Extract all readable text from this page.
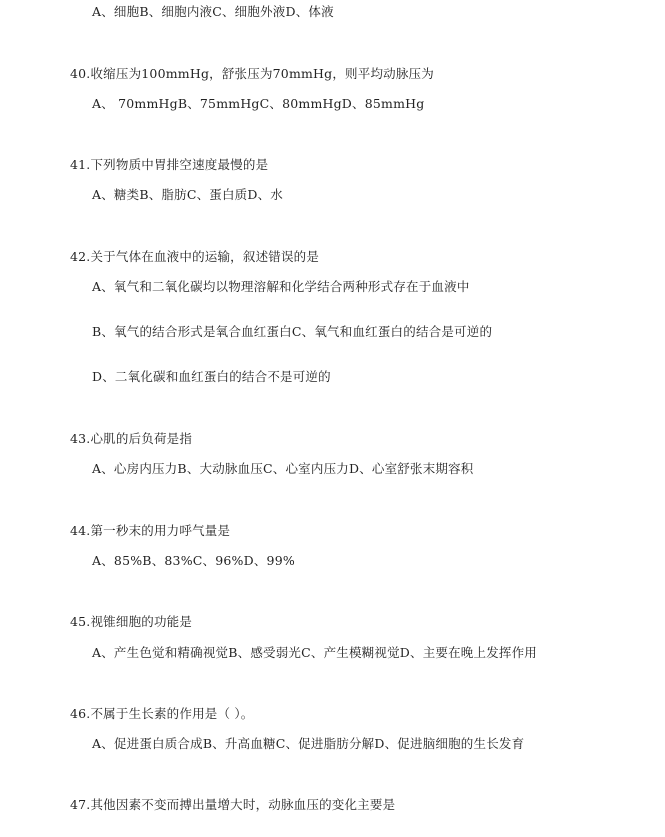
A、细胞B、细胞内液C、细胞外液D、体液
40.收缩压为100mmHg，舒张压为70mmHg，则平均动脉压为
A、 70mmHgB、75mmHgC、80mmHgD、85mmHg
41.下列物质中胃排空速度最慢的是
A、糖类B、脂肪C、蛋白质D、水
42.关于气体在血液中的运输，叙述错误的是
A、氧气和二氧化碳均以物理溶解和化学结合两种形式存在于血液中
B、氧气的结合形式是氧合血红蛋白C、氧气和血红蛋白的结合是可逆的
D、二氧化碳和血红蛋白的结合不是可逆的
43.心肌的后负荷是指
A、心房内压力B、大动脉血压C、心室内压力D、心室舒张末期容积
44.第一秒末的用力呼气量是
A、85%B、83%C、96%D、99%
45.视锥细胞的功能是
A、产生色觉和精确视觉B、感受弱光C、产生模糊视觉D、主要在晚上发挥作用
46.不属于生长素的作用是（ ）。
A、促进蛋白质合成B、升高血糖C、促进脂肪分解D、促进脑细胞的生长发育
47.其他因素不变而搏出量增大时，动脉血压的变化主要是
